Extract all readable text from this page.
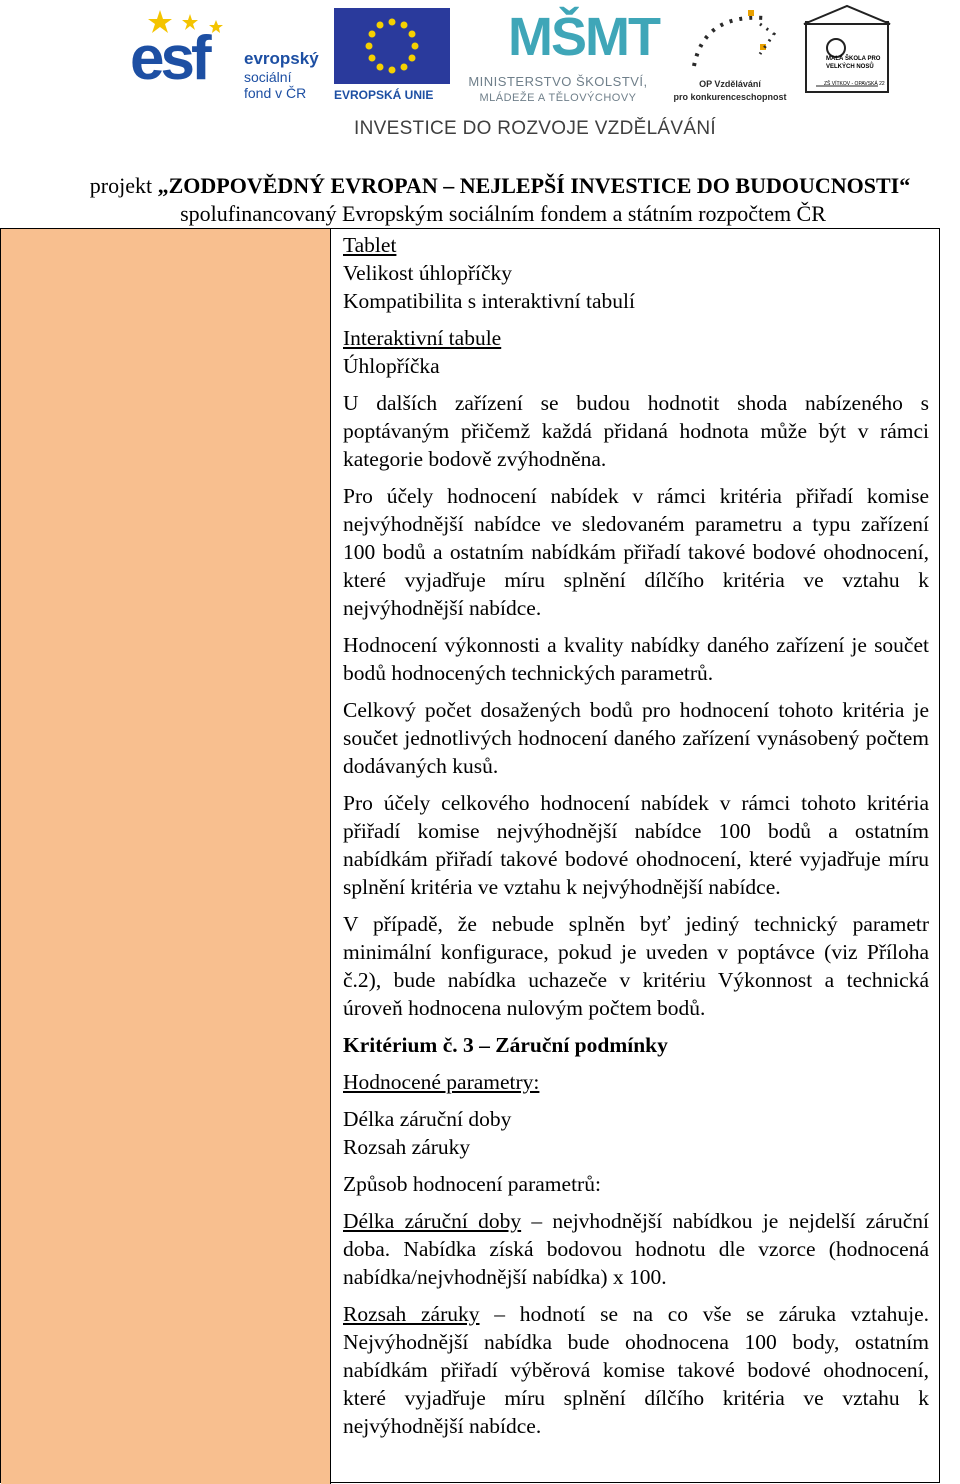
esf evropský
sociální
fond v ČR EVROPSKÁ UNIE
MŠMT
MINISTERSTVO ŠKOLSTVÍ,
MLÁDEŽE A TĚLOVÝCHOVY
OP Vzdělávání
pro konkurenceschopnost
MALÁ ŠKOLA PRO
VELKÝCH NOSŮ
ZŠ VÍTKOV - OPAVSKÁ 22
INVESTICE DO ROZVOJE VZDĚLÁVÁNÍ
projekt „ZODPOVĚDNÝ EVROPAN – NEJLEPŠÍ INVESTICE DO BUDOUCNOSTI“
spolufinancovaný Evropským sociálním fondem a státním rozpočtem ČR

Tablet
Velikost úhlopříčky
Kompatibilita s interaktivní tabulí

Interaktivní tabule
Úhlopříčka

U dalších zařízení se budou hodnotit shoda nabízeného s poptávaným přičemž každá přidaná hodnota může být v rámci kategorie bodově zvýhodněna.

Pro účely hodnocení nabídek v rámci kritéria přiřadí komise nejvýhodnější nabídce ve sledovaném parametru a typu zařízení 100 bodů a ostatním nabídkám přiřadí takové bodové ohodnocení, které vyjadřuje míru splnění dílčího kritéria ve vztahu k nejvýhodnější nabídce.

Hodnocení výkonnosti a kvality nabídky daného zařízení je součet bodů hodnocených technických parametrů.

Celkový počet dosažených bodů pro hodnocení tohoto kritéria je součet jednotlivých hodnocení daného zařízení vynásobený počtem dodávaných kusů.

Pro účely celkového hodnocení nabídek v rámci tohoto kritéria přiřadí komise nejvýhodnější nabídce 100 bodů a ostatním nabídkám přiřadí takové bodové ohodnocení, které vyjadřuje míru splnění kritéria ve vztahu k nejvýhodnější nabídce.

V případě, že nebude splněn byť jediný technický parametr minimální konfigurace, pokud je uveden v poptávce (viz Příloha č.2), bude nabídka uchazeče v kritériu Výkonnost a technická úroveň hodnocena nulovým počtem bodů.

Kritérium č. 3 – Záruční podmínky

Hodnocené parametry:

Délka záruční doby
Rozsah záruky

Způsob hodnocení parametrů:

Délka záruční doby – nejvhodnější nabídkou je nejdelší záruční doba. Nabídka získá bodovou hodnotu dle vzorce (hodnocená nabídka/nejvhodnější nabídka) x 100.

Rozsah záruky – hodnotí se na co vše se záruka vztahuje. Nejvýhodnější nabídka bude ohodnocena 100 body, ostatním nabídkám přiřadí výběrová komise takové bodové ohodnocení, které vyjadřuje míru splnění dílčího kritéria ve vztahu k nejvýhodnější nabídce.
